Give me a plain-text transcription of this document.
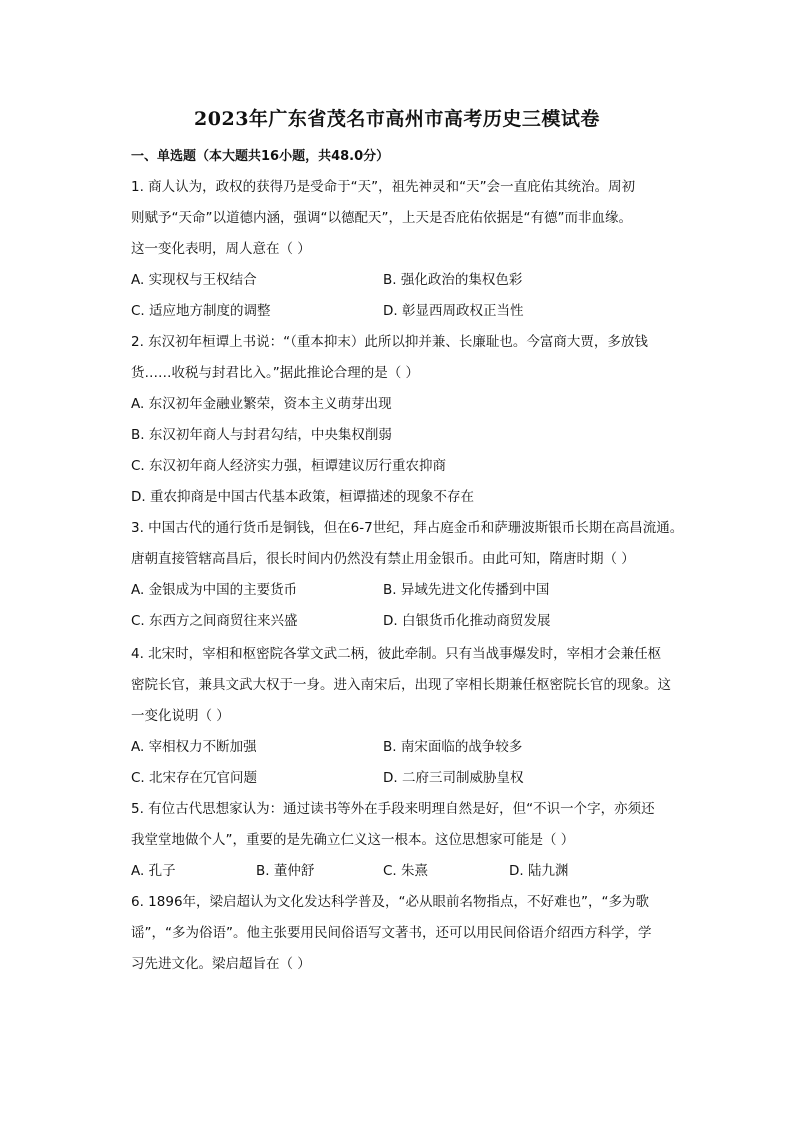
2023年广东省茂名市高州市高考历史三模试卷
一、单选题（本大题共16小题，共48.0分）
1. 商人认为，政权的获得乃是受命于“天”，祖先神灵和“天”会一直庇佑其统治。周初
则赋予“天命”以道德内涵，强调“以德配天”，上天是否庇佑依据是“有德”而非血缘。
这一变化表明，周人意在（ ）
A. 实现权与王权结合	B. 强化政治的集权色彩
C. 适应地方制度的调整	D. 彰显西周政权正当性
2. 东汉初年桓谭上书说：“（重本抑末）此所以抑并兼、长廉耻也。今富商大贾，多放钱
货……收税与封君比入。”据此推论合理的是（ ）
A. 东汉初年金融业繁荣，资本主义萌芽出现
B. 东汉初年商人与封君勾结，中央集权削弱
C. 东汉初年商人经济实力强，桓谭建议厉行重农抑商
D. 重农抑商是中国古代基本政策，桓谭描述的现象不存在
3. 中国古代的通行货币是铜钱，但在6-7世纪，拜占庭金币和萨珊波斯银币长期在高昌流通。
唐朝直接管辖高昌后，很长时间内仍然没有禁止用金银币。由此可知，隋唐时期（ ）
A. 金银成为中国的主要货币	B. 异域先进文化传播到中国
C. 东西方之间商贸往来兴盛	D. 白银货币化推动商贸发展
4. 北宋时，宰相和枢密院各掌文武二柄，彼此牵制。只有当战事爆发时，宰相才会兼任枢
密院长官，兼具文武大权于一身。进入南宋后，出现了宰相长期兼任枢密院长官的现象。这
一变化说明（ ）
A. 宰相权力不断加强	B. 南宋面临的战争较多
C. 北宋存在冗官问题	D. 二府三司制威胁皇权
5. 有位古代思想家认为：通过读书等外在手段来明理自然是好，但“不识一个字，亦须还
我堂堂地做个人”，重要的是先确立仁义这一根本。这位思想家可能是（ ）
A. 孔子	B. 董仲舒	C. 朱熹	D. 陆九渊
6. 1896年，梁启超认为文化发达科学普及，“必从眼前名物指点，不好难也”，“多为歌
谣”，“多为俗语”。他主张要用民间俗语写文著书，还可以用民间俗语介绍西方科学，学
习先进文化。梁启超旨在（ ）
